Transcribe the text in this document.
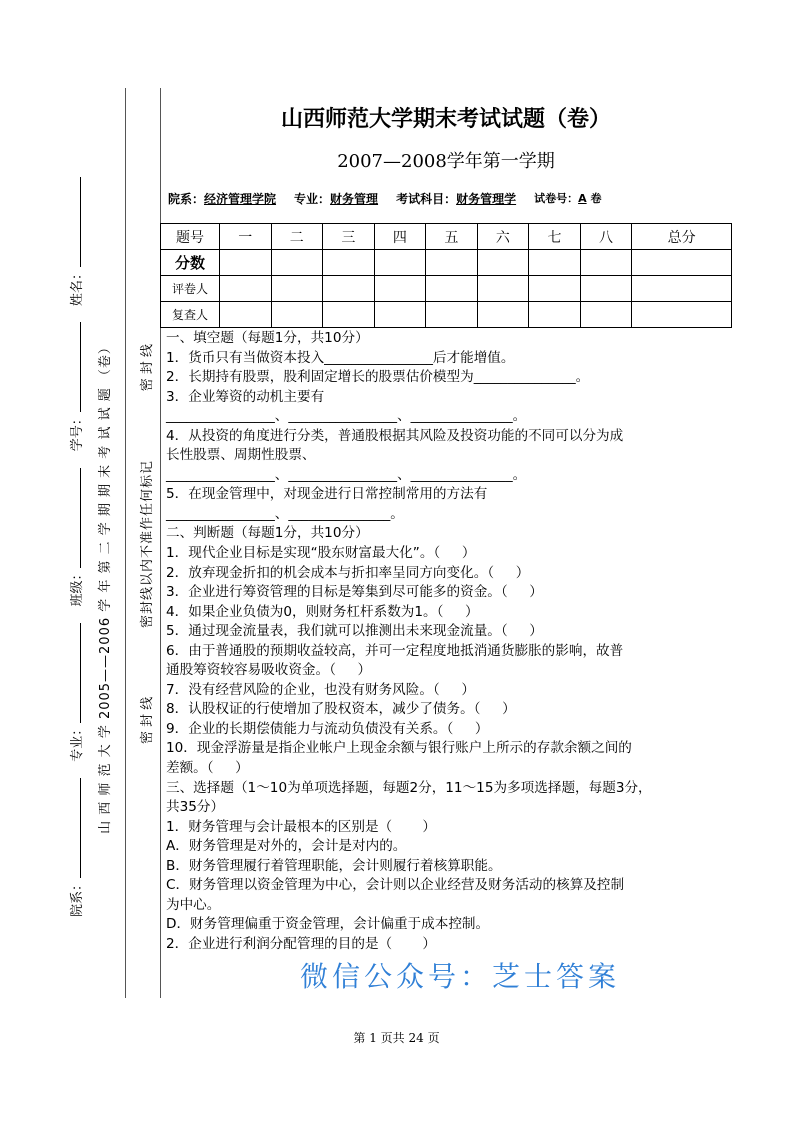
院系：
专业：
班级：
学号：
姓名：
山 西 师 范 大 学 2005——2006 学 年 第 二 学 期 期 末 考 试 试 题 （卷）	密 封 线
密封线以内不准作任何标记
密 封 线
山西师范大学期末考试试题（卷）
2007—2008学年第一学期
院系：经济管理学院 专业：财务管理 考试科目：财务管理学 试卷号：A 卷
题号	一	二	三	四	五	六	七	八	总分
分数									
评卷人									
复查人									
一、填空题（每题1分，共10分）
1．货币只有当做资本投入________________后才能增值。
2．长期持有股票，股利固定增长的股票估价模型为_______________。
3．企业筹资的动机主要有
________________、________________、_______________。
4．从投资的角度进行分类，普通股根据其风险及投资功能的不同可以分为成
长性股票、周期性股票、
________________、________________、_______________。
5．在现金管理中，对现金进行日常控制常用的方法有
________________、_______________。
二、判断题（每题1分，共10分）
1．现代企业目标是实现“股东财富最大化”。（     ）
2．放弃现金折扣的机会成本与折扣率呈同方向变化。（     ）
3．企业进行筹资管理的目标是筹集到尽可能多的资金。（     ）
4．如果企业负债为0，则财务杠杆系数为1。（     ）
5．通过现金流量表，我们就可以推测出未来现金流量。（     ）
6．由于普通股的预期收益较高，并可一定程度地抵消通货膨胀的影响，故普
通股筹资较容易吸收资金。（     ）
7．没有经营风险的企业，也没有财务风险。（     ）
8．认股权证的行使增加了股权资本，减少了债务。（     ）
9．企业的长期偿债能力与流动负债没有关系。（     ）
10．现金浮游量是指企业帐户上现金余额与银行账户上所示的存款余额之间的
差额。（     ）
三、选择题（1～10为单项选择题，每题2分，11～15为多项选择题，每题3分，
共35分）
1．财务管理与会计最根本的区别是（       ）
A．财务管理是对外的，会计是对内的。
B．财务管理履行着管理职能，会计则履行着核算职能。
C．财务管理以资金管理为中心，会计则以企业经营及财务活动的核算及控制
为中心。
D．财务管理偏重于资金管理，会计偏重于成本控制。
2．企业进行利润分配管理的目的是（       ）
微信公众号：芝士答案
第 1 页共 24 页
